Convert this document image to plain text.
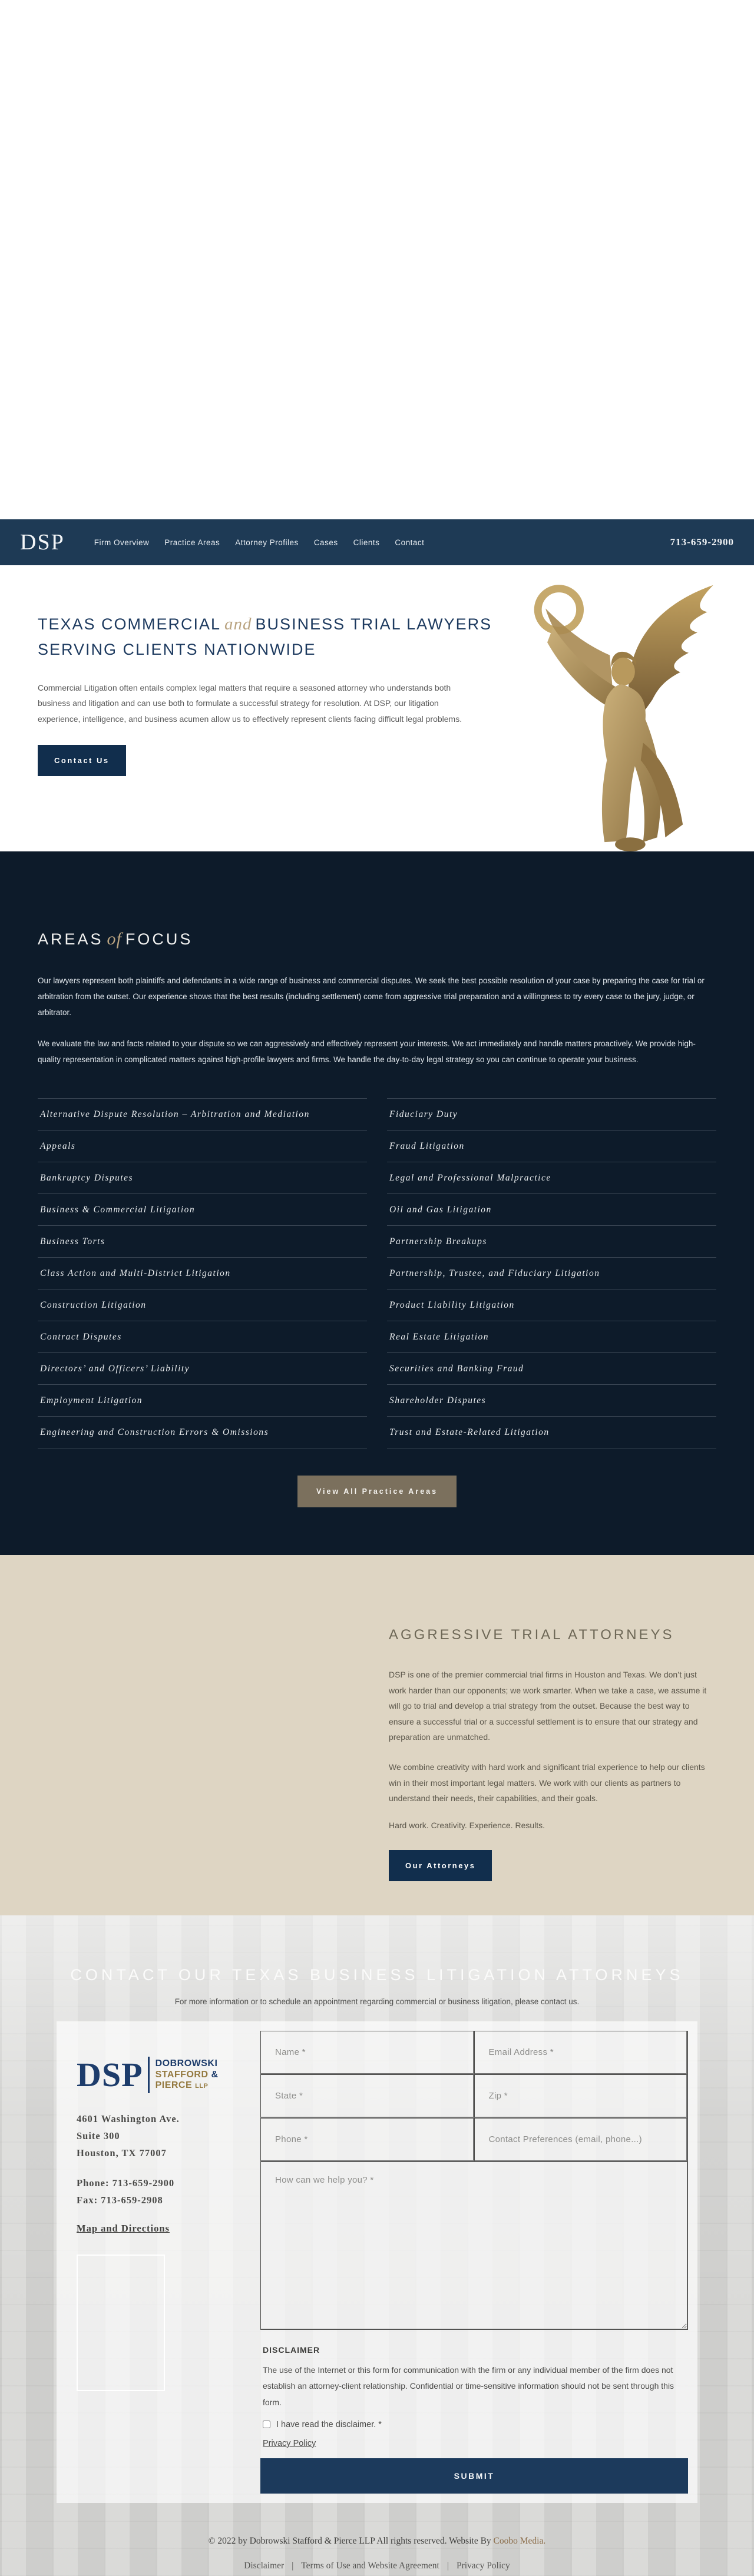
DSP	Firm Overview Practice Areas Attorney Profiles Cases Clients Contact	713-659-2900
TEXAS COMMERCIAL and BUSINESS TRIAL LAWYERS
SERVING CLIENTS NATIONWIDE

Commercial Litigation often entails complex legal matters that require a seasoned attorney who understands both business and litigation and can use both to formulate a successful strategy for resolution. At DSP, our litigation experience, intelligence, and business acumen allow us to effectively represent clients facing difficult legal problems.

Contact Us
AREAS of FOCUS

Our lawyers represent both plaintiffs and defendants in a wide range of business and commercial disputes. We seek the best possible resolution of your case by preparing the case for trial or arbitration from the outset. Our experience shows that the best results (including settlement) come from aggressive trial preparation and a willingness to try every case to the jury, judge, or arbitrator.

We evaluate the law and facts related to your dispute so we can aggressively and effectively represent your interests. We act immediately and handle matters proactively. We provide high-quality representation in complicated matters against high-profile lawyers and firms. We handle the day-to-day legal strategy so you can continue to operate your business.

Alternative Dispute Resolution – Arbitration and Mediation
Appeals
Bankruptcy Disputes
Business & Commercial Litigation
Business Torts
Class Action and Multi-District Litigation
Construction Litigation
Contract Disputes
Directors’ and Officers’ Liability
Employment Litigation
Engineering and Construction Errors & Omissions
Fiduciary Duty
Fraud Litigation
Legal and Professional Malpractice
Oil and Gas Litigation
Partnership Breakups
Partnership, Trustee, and Fiduciary Litigation
Product Liability Litigation
Real Estate Litigation
Securities and Banking Fraud
Shareholder Disputes
Trust and Estate-Related Litigation
View All Practice Areas
AGGRESSIVE TRIAL ATTORNEYS

DSP is one of the premier commercial trial firms in Houston and Texas. We don’t just work harder than our opponents; we work smarter. When we take a case, we assume it will go to trial and develop a trial strategy from the outset. Because the best way to ensure a successful trial or a successful settlement is to ensure that our strategy and preparation are unmatched.

We combine creativity with hard work and significant trial experience to help our clients win in their most important legal matters. We work with our clients as partners to understand their needs, their capabilities, and their goals.

Hard work. Creativity. Experience. Results.

Our Attorneys
CONTACT OUR TEXAS BUSINESS LITIGATION ATTORNEYS

For more information or to schedule an appointment regarding commercial or business litigation, please contact us.

DSP DOBROWSKI
STAFFORD &
PIERCE LLP
4601 Washington Ave.
Suite 300
Houston, TX 77007
Phone: 713-659-2900
Fax: 713-659-2908
Map and Directions
Name *
Email Address *
State *
Zip *
Phone *
Contact Preferences (email, phone...)
How can we help you? *
DISCLAIMER

The use of the Internet or this form for communication with the firm or any individual member of the firm does not establish an attorney-client relationship. Confidential or time-sensitive information should not be sent through this form.

I have read the disclaimer. *
Privacy Policy
SUBMIT
© 2022 by Dobrowski Stafford & Pierce LLP All rights reserved. Website By Coobo Media.
Disclaimer	| Terms of Use and Website Agreement	| Privacy Policy
